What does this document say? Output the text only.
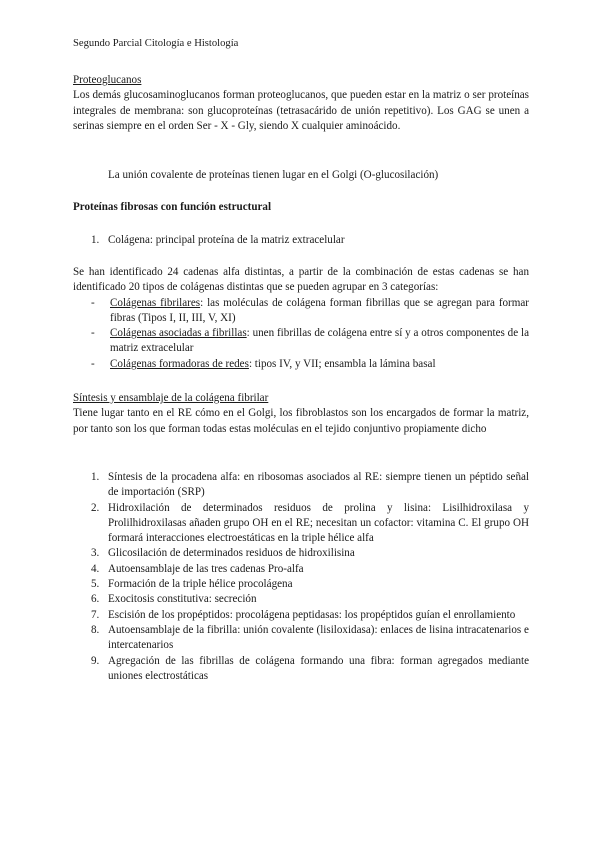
Segundo Parcial Citología e Histología
Proteoglucanos

Los demás glucosaminoglucanos forman proteoglucanos, que pueden estar en la matriz o ser proteínas integrales de membrana: son glucoproteínas (tetrasacárido de unión repetitivo). Los GAG se unen a serinas siempre en el orden Ser - X - Gly, siendo X cualquier aminoácido.

La unión covalente de proteínas tienen lugar en el Golgi (O-glucosilación)
Proteínas fibrosas con función estructural
1. Colágena: principal proteína de la matriz extracelular

Se han identificado 24 cadenas alfa distintas, a partir de la combinación de estas cadenas se han identificado 20 tipos de colágenas distintas que se pueden agrupar en 3 categorías:

- Colágenas fibrilares: las moléculas de colágena forman fibrillas que se agregan para formar fibras (Tipos I, II, III, V, XI)
- Colágenas asociadas a fibrillas: unen fibrillas de colágena entre sí y a otros componentes de la matriz extracelular
- Colágenas formadoras de redes: tipos IV, y VII; ensambla la lámina basal
Síntesis y ensamblaje de la colágena fibrilar

Tiene lugar tanto en el RE cómo en el Golgi, los fibroblastos son los encargados de formar la matriz, por tanto son los que forman todas estas moléculas en el tejido conjuntivo propiamente dicho

1. Síntesis de la procadena alfa: en ribosomas asociados al RE: siempre tienen un péptido señal de importación (SRP)
2. Hidroxilación de determinados residuos de prolina y lisina: Lisilhidroxilasa y Prolilhidroxilasas añaden grupo OH en el RE; necesitan un cofactor: vitamina C. El grupo OH formará interacciones electroestáticas en la triple hélice alfa
3. Glicosilación de determinados residuos de hidroxilisina
4. Autoensamblaje de las tres cadenas Pro-alfa
5. Formación de la triple hélice procolágena
6. Exocitosis constitutiva: secreción
7. Escisión de los propéptidos: procolágena peptidasas: los propéptidos guían el enrollamiento
8. Autoensamblaje de la fibrilla: unión covalente (lisiloxidasa): enlaces de lisina intracatenarios e intercatenarios
9. Agregación de las fibrillas de colágena formando una fibra: forman agregados mediante uniones electrostáticas
